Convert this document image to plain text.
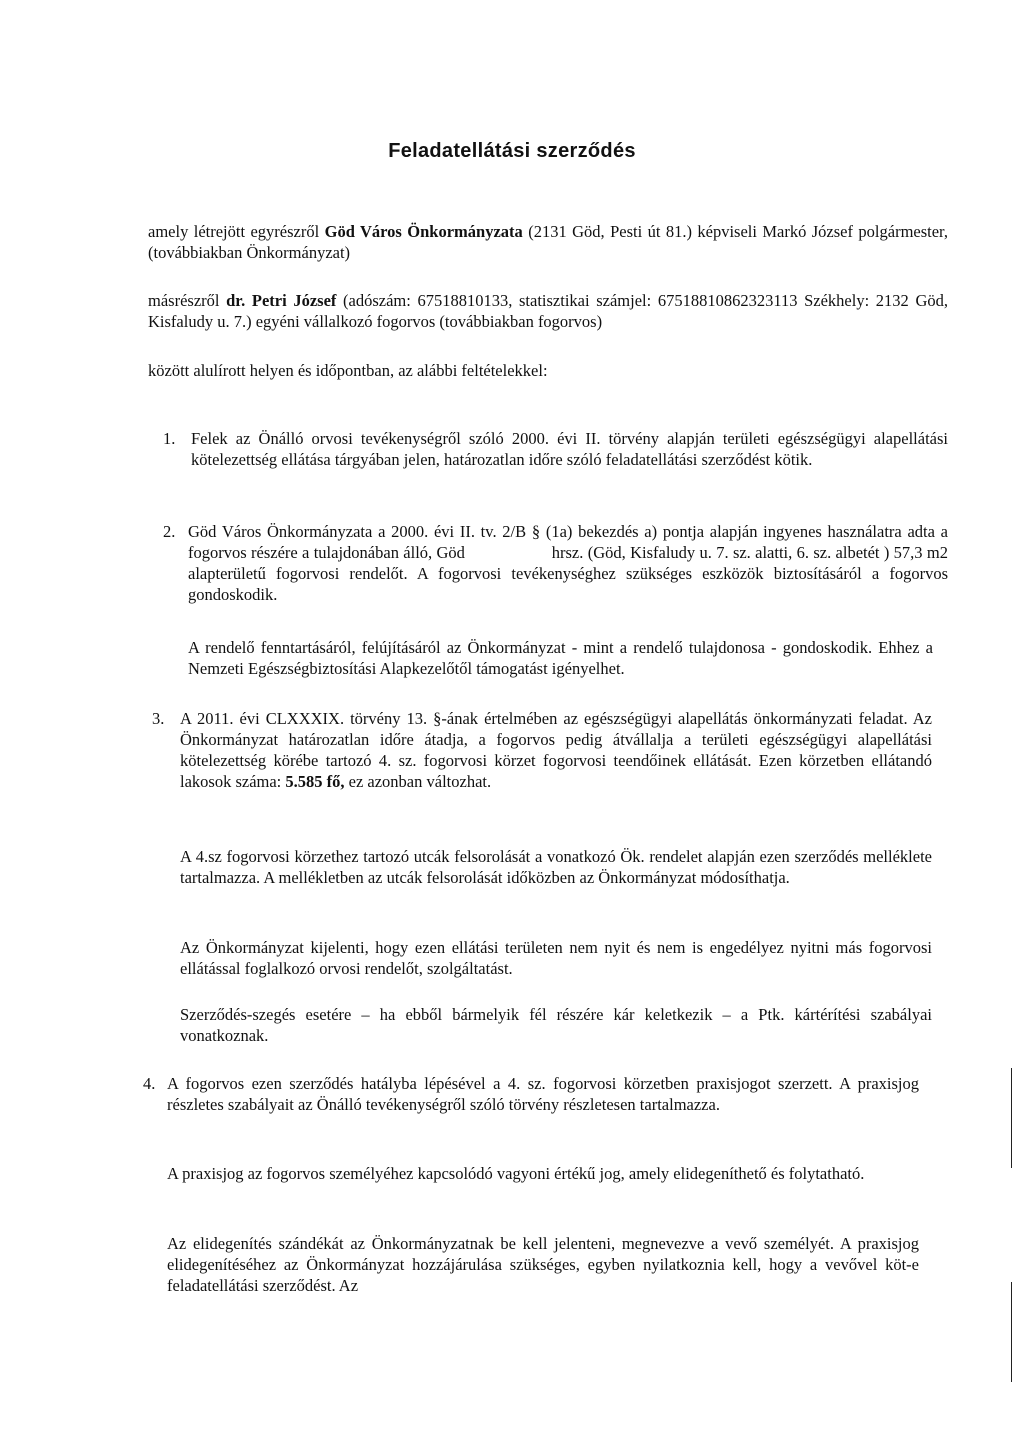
Feladatellátási szerződés
amely létrejött egyrészről Göd Város Önkormányzata (2131 Göd, Pesti út 81.) képviseli Markó József polgármester, (továbbiakban Önkormányzat)
másrészről dr. Petri József (adószám: 67518810133, statisztikai számjel: 67518810862323113 Székhely: 2132 Göd, Kisfaludy u. 7.) egyéni vállalkozó fogorvos (továbbiakban fogorvos)
között alulírott helyen és időpontban, az alábbi feltételekkel:
1. Felek az Önálló orvosi tevékenységről szóló 2000. évi II. törvény alapján területi egészségügyi alapellátási kötelezettség ellátása tárgyában jelen, határozatlan időre szóló feladatellátási szerződést kötik.
2. Göd Város Önkormányzata a 2000. évi II. tv. 2/B § (1a) bekezdés a) pontja alapján ingyenes használatra adta a fogorvos részére a tulajdonában álló, Göd                    hrsz. (Göd, Kisfaludy u. 7. sz. alatti, 6. sz. albetét ) 57,3 m2 alapterületű fogorvosi rendelőt. A fogorvosi tevékenységhez szükséges eszközök biztosításáról a fogorvos gondoskodik.
A rendelő fenntartásáról, felújításáról az Önkormányzat - mint a rendelő tulajdonosa - gondoskodik. Ehhez a Nemzeti Egészségbiztosítási Alapkezelőtől támogatást igényelhet.
3. A 2011. évi CLXXXIX. törvény 13. §-ának értelmében az egészségügyi alapellátás önkormányzati feladat. Az Önkormányzat határozatlan időre átadja, a fogorvos pedig átvállalja a területi egészségügyi alapellátási kötelezettség körébe tartozó 4. sz. fogorvosi körzet fogorvosi teendőinek ellátását. Ezen körzetben ellátandó lakosok száma: 5.585 fő, ez azonban változhat.
A 4.sz fogorvosi körzethez tartozó utcák felsorolását a vonatkozó Ök. rendelet alapján ezen szerződés melléklete tartalmazza. A mellékletben az utcák felsorolását időközben az Önkormányzat módosíthatja.
Az Önkormányzat kijelenti, hogy ezen ellátási területen nem nyit és nem is engedélyez nyitni más fogorvosi ellátással foglalkozó orvosi rendelőt, szolgáltatást.
Szerződés-szegés esetére – ha ebből bármelyik fél részére kár keletkezik – a Ptk. kártérítési szabályai vonatkoznak.
4. A fogorvos ezen szerződés hatályba lépésével a 4. sz. fogorvosi körzetben praxisjogot szerzett. A praxisjog részletes szabályait az Önálló tevékenységről szóló törvény részletesen tartalmazza.
A praxisjog az fogorvos személyéhez kapcsolódó vagyoni értékű jog, amely elidegeníthető és folytatható.
Az elidegenítés szándékát az Önkormányzatnak be kell jelenteni, megnevezve a vevő személyét. A praxisjog elidegenítéséhez az Önkormányzat hozzájárulása szükséges, egyben nyilatkoznia kell, hogy a vevővel köt-e feladatellátási szerződést. Az
